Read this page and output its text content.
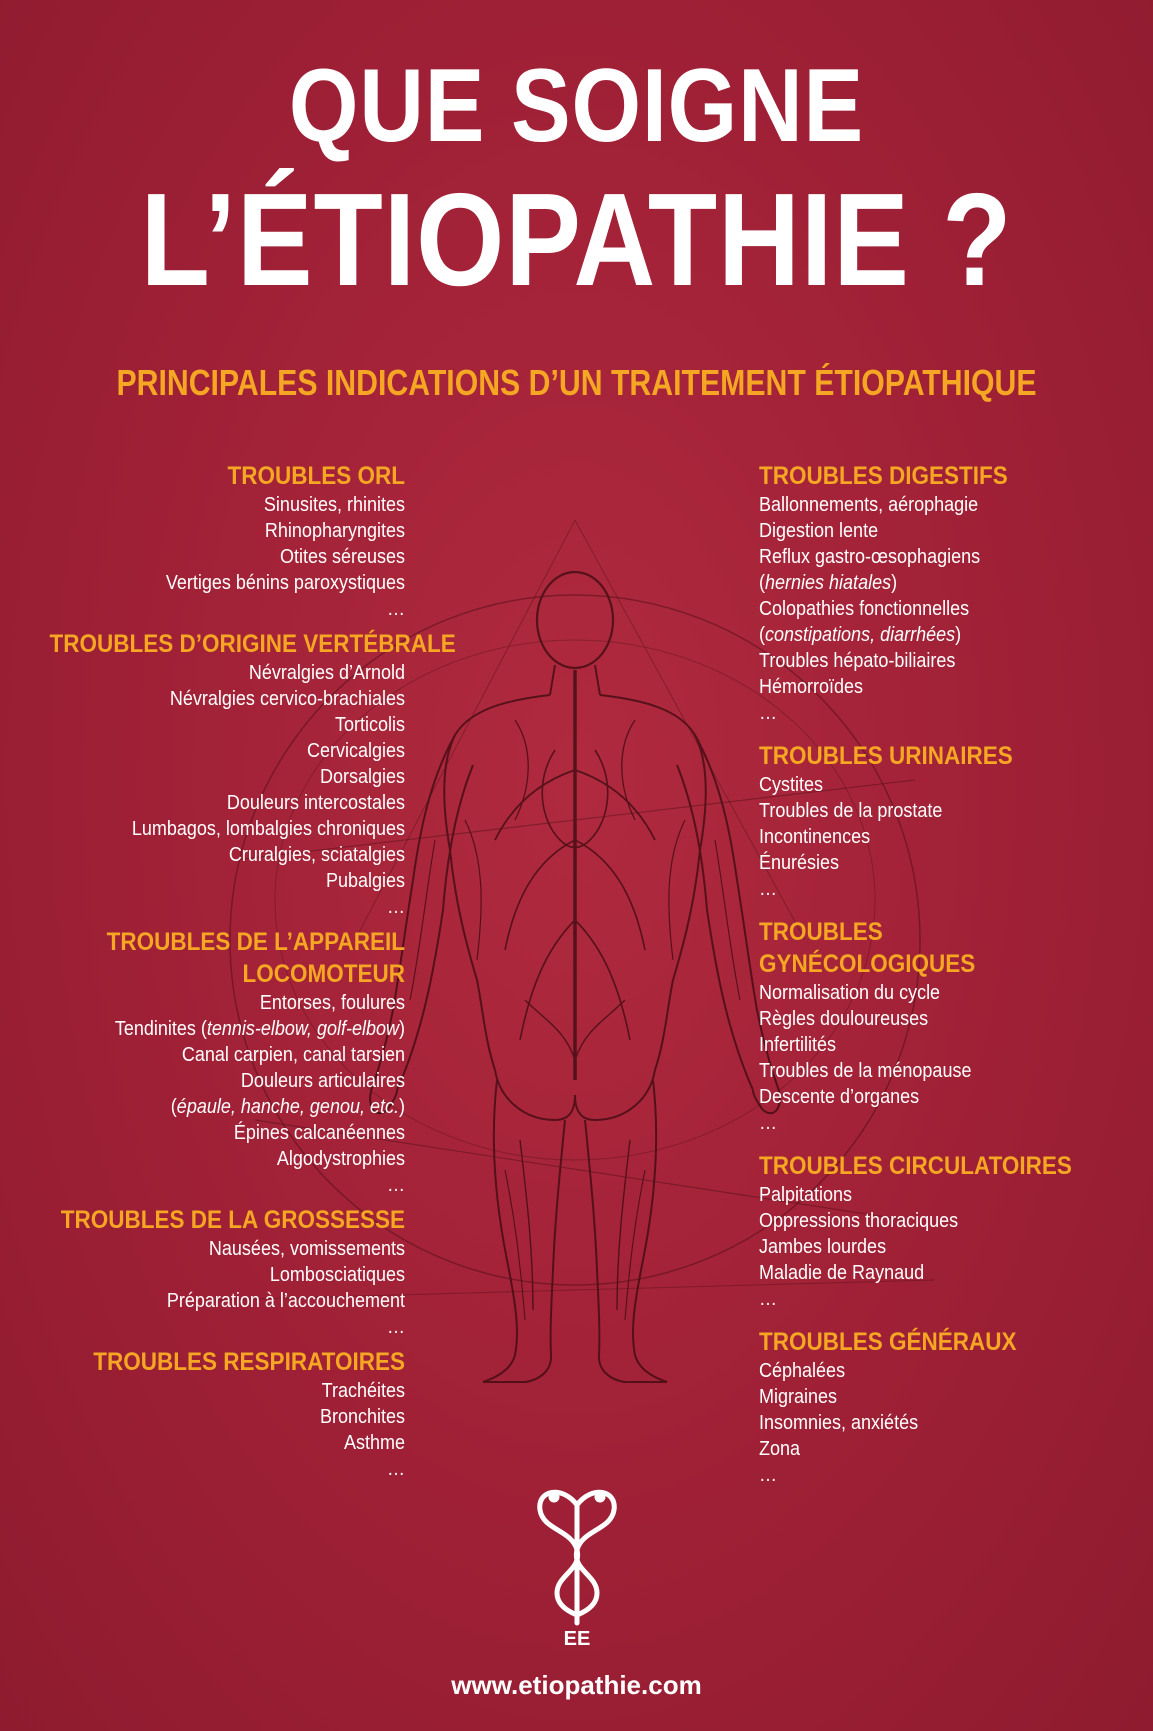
QUE SOIGNE
L’ÉTIOPATHIE ?
PRINCIPALES INDICATIONS D’UN TRAITEMENT ÉTIOPATHIQUE
TROUBLES ORL
Sinusites, rhinites
Rhinopharyngites
Otites séreuses
Vertiges bénins paroxystiques
…
TROUBLES D’ORIGINE VERTÉBRALE
Névralgies d’Arnold
Névralgies cervico-brachiales
Torticolis
Cervicalgies
Dorsalgies
Douleurs intercostales
Lumbagos, lombalgies chroniques
Cruralgies, sciatalgies
Pubalgies
…
TROUBLES DE L’APPAREIL
LOCOMOTEUR
Entorses, foulures
Tendinites (tennis-elbow, golf-elbow)
Canal carpien, canal tarsien
Douleurs articulaires
(épaule, hanche, genou, etc.)
Épines calcanéennes
Algodystrophies
…
TROUBLES DE LA GROSSESSE
Nausées, vomissements
Lombosciatiques
Préparation à l’accouchement
…
TROUBLES RESPIRATOIRES
Trachéites
Bronchites
Asthme
…
TROUBLES DIGESTIFS
Ballonnements, aérophagie
Digestion lente
Reflux gastro-œsophagiens
(hernies hiatales)
Colopathies fonctionnelles
(constipations, diarrhées)
Troubles hépato-biliaires
Hémorroïdes
…
TROUBLES URINAIRES
Cystites
Troubles de la prostate
Incontinences
Énurésies
…
TROUBLES
GYNÉCOLOGIQUES
Normalisation du cycle
Règles douloureuses
Infertilités
Troubles de la ménopause
Descente d’organes
…
TROUBLES CIRCULATOIRES
Palpitations
Oppressions thoraciques
Jambes lourdes
Maladie de Raynaud
…
TROUBLES GÉNÉRAUX
Céphalées
Migraines
Insomnies, anxiétés
Zona
…
EE

www.etiopathie.com
